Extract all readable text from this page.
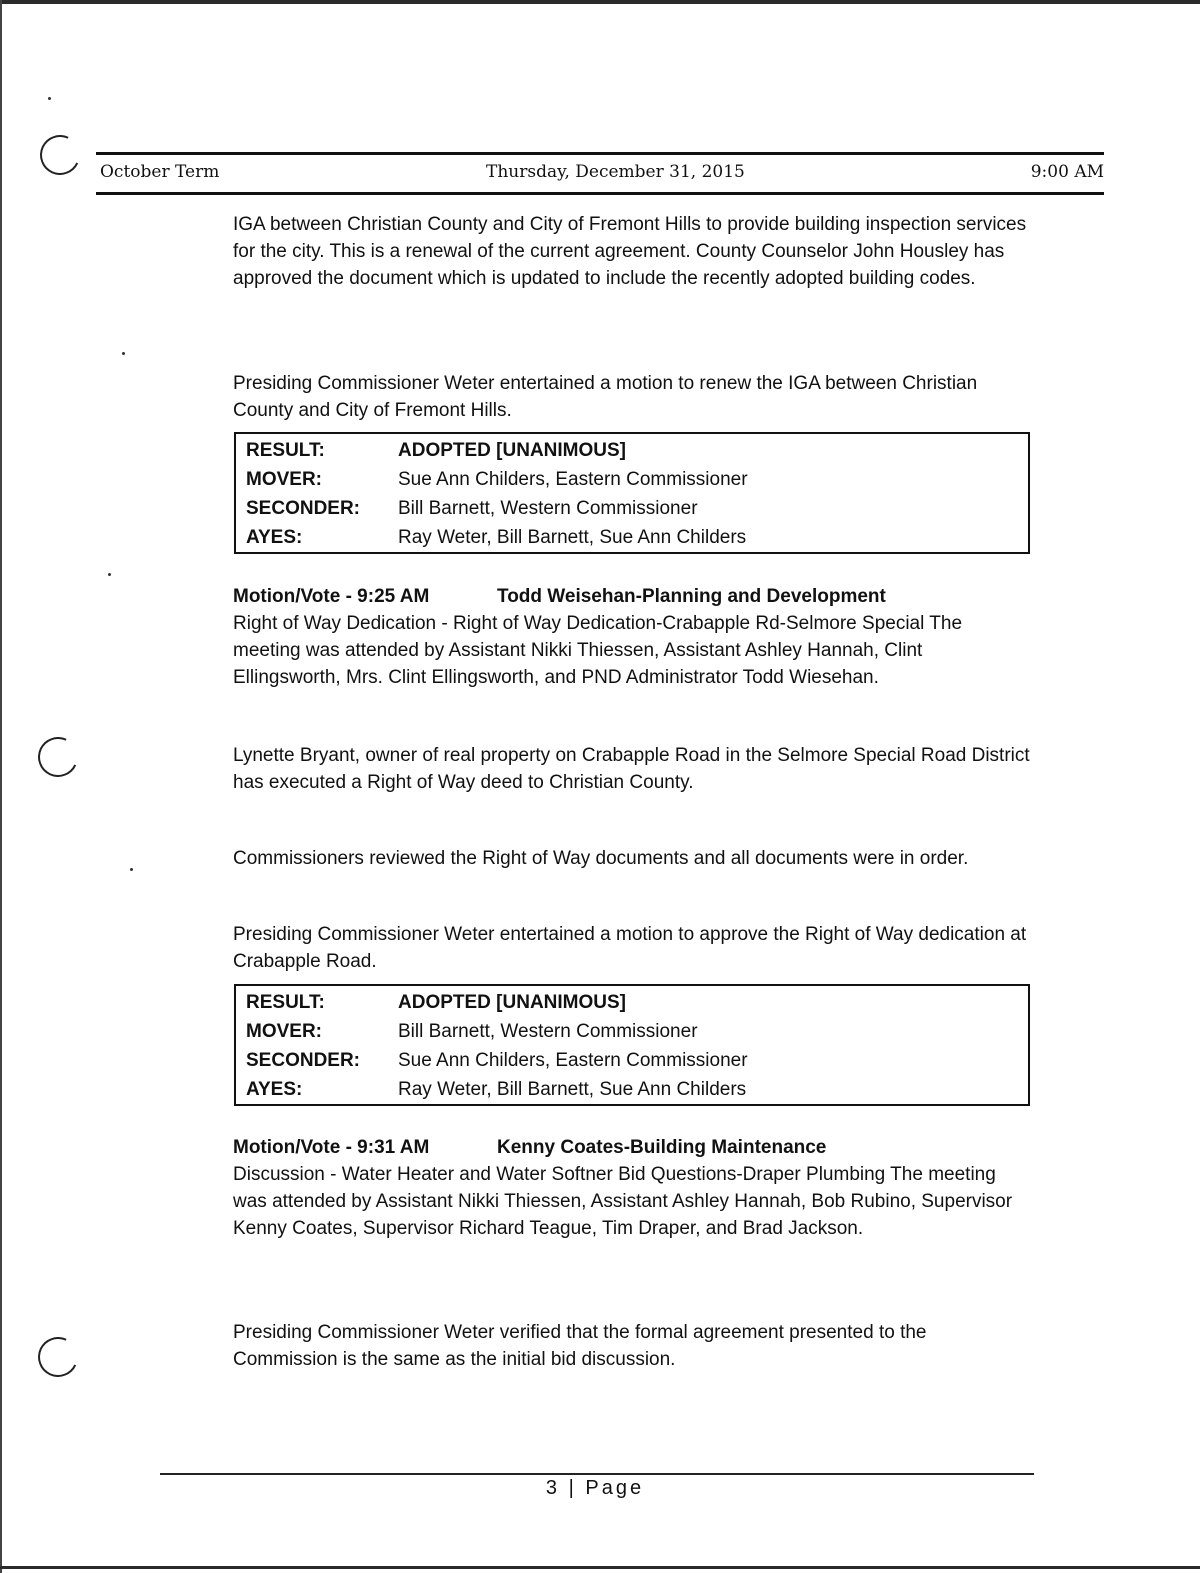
October Term	Thursday, December 31, 2015	9:00 AM
IGA between Christian County and City of Fremont Hills to provide building inspection services for the city. This is a renewal of the current agreement. County Counselor John Housley has approved the document which is updated to include the recently adopted building codes.
Presiding Commissioner Weter entertained a motion to renew the IGA between Christian County and City of Fremont Hills.
RESULT:	ADOPTED [UNANIMOUS]
MOVER:	Sue Ann Childers, Eastern Commissioner
SECONDER: Bill Barnett, Western Commissioner
AYES:	Ray Weter, Bill Barnett, Sue Ann Childers
Motion/Vote - 9:25 AM	Todd Weisehan-Planning and Development
Right of Way Dedication - Right of Way Dedication-Crabapple Rd-Selmore Special The meeting was attended by Assistant Nikki Thiessen, Assistant Ashley Hannah, Clint Ellingsworth, Mrs. Clint Ellingsworth, and PND Administrator Todd Wiesehan.
Lynette Bryant, owner of real property on Crabapple Road in the Selmore Special Road District has executed a Right of Way deed to Christian County.
Commissioners reviewed the Right of Way documents and all documents were in order.
Presiding Commissioner Weter entertained a motion to approve the Right of Way dedication at Crabapple Road.
RESULT:	ADOPTED [UNANIMOUS]
MOVER:	Bill Barnett, Western Commissioner
SECONDER: Sue Ann Childers, Eastern Commissioner
AYES:	Ray Weter, Bill Barnett, Sue Ann Childers
Motion/Vote - 9:31 AM	Kenny Coates-Building Maintenance
Discussion - Water Heater and Water Softner Bid Questions-Draper Plumbing The meeting was attended by Assistant Nikki Thiessen, Assistant Ashley Hannah, Bob Rubino, Supervisor Kenny Coates, Supervisor Richard Teague, Tim Draper, and Brad Jackson.
Presiding Commissioner Weter verified that the formal agreement presented to the Commission is the same as the initial bid discussion.
3 | Page
